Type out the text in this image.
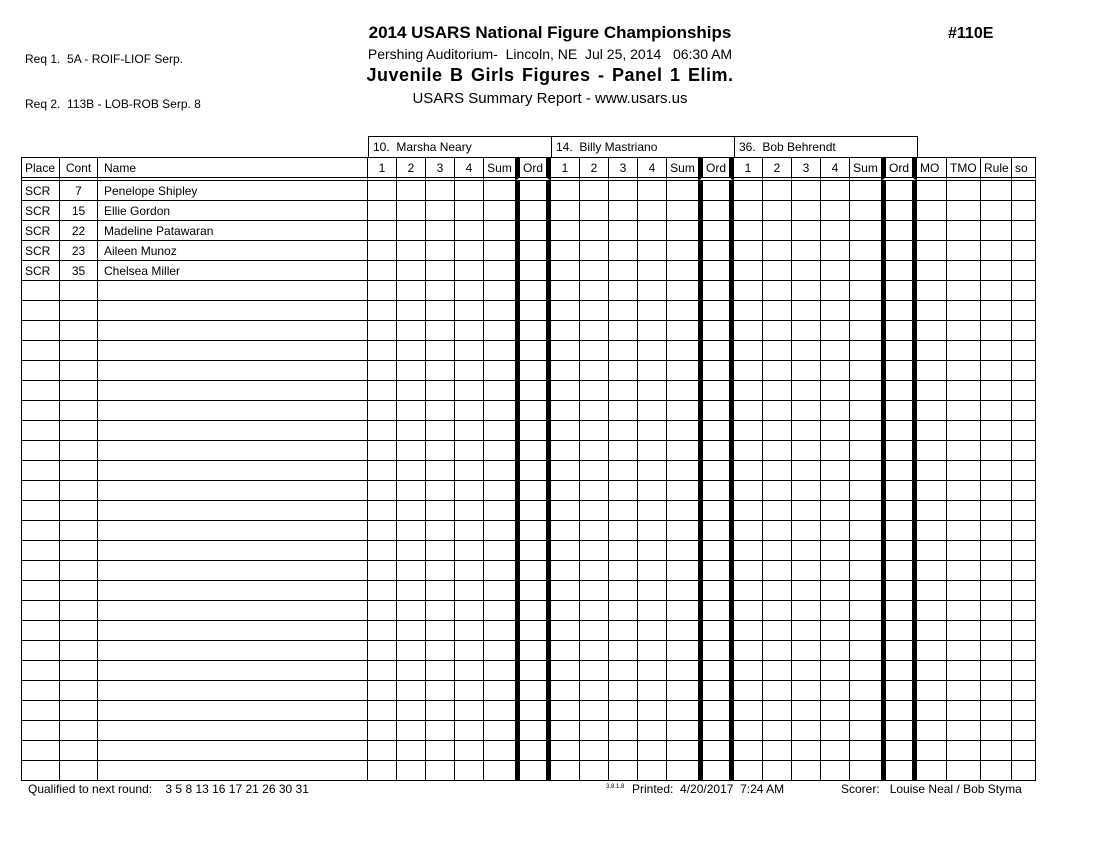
Req 1.  5A - ROIF-LIOF Serp.

Req 2.  113B - LOB-ROB Serp. 8

2014 USARS National Figure Championships	#110E
Pershing Auditorium-  Lincoln, NE  Jul 25, 2014   06:30 AM
Juvenile B Girls Figures - Panel 1 Elim.
USARS Summary Report - www.usars.us
10.  Marsha Neary	14.  Billy Mastriano	36.  Bob Behrendt
Place Cont	Name	1	2	3	4	Sum Ord	1	2	3	4	Sum Ord	1	2	3	4	Sum Ord MO TMO Rule so
SCR	7	Penelope Shipley
SCR	15	Ellie Gordon
SCR	22	Madeline Patawaran
SCR	23	Aileen Munoz
SCR	35	Chelsea Miller
Qualified to next round: 3 5 8 13 16 17 21 26 30 31	3.8.1.8 Printed: 4/20/2017  7:24 AM	Scorer: Louise Neal / Bob Styma
